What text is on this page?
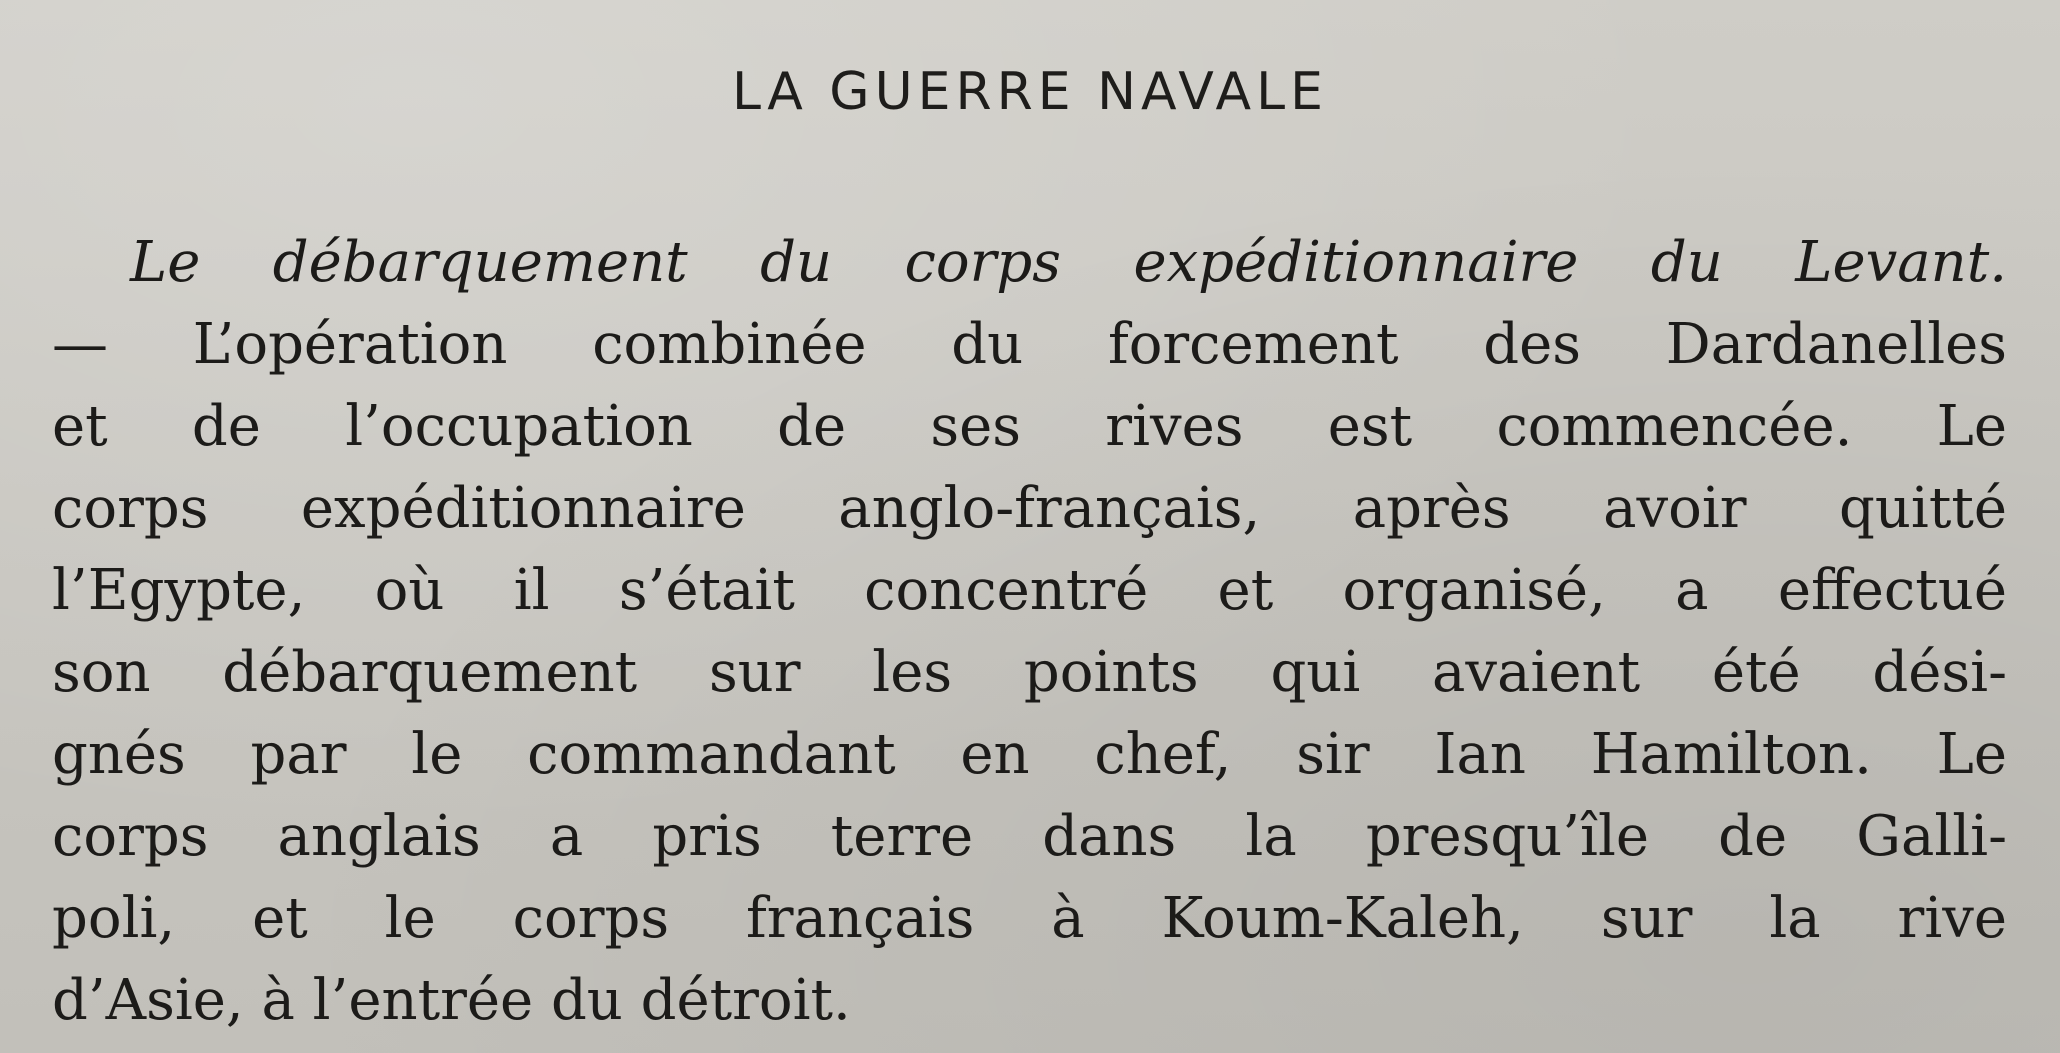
LA GUERRE NAVALE
Le débarquement du corps expéditionnaire du Levant.
— L’opération combinée du forcement des Dardanelles
et de l’occupation de ses rives est commencée. Le
corps expéditionnaire anglo-français, après avoir quitté
l’Egypte, où il s’était concentré et organisé, a effectué
son débarquement sur les points qui avaient été dési-
gnés par le commandant en chef, sir Ian Hamilton. Le
corps anglais a pris terre dans la presqu’île de Galli-
poli, et le corps français à Koum-Kaleh, sur la rive
d’Asie, à l’entrée du détroit.
